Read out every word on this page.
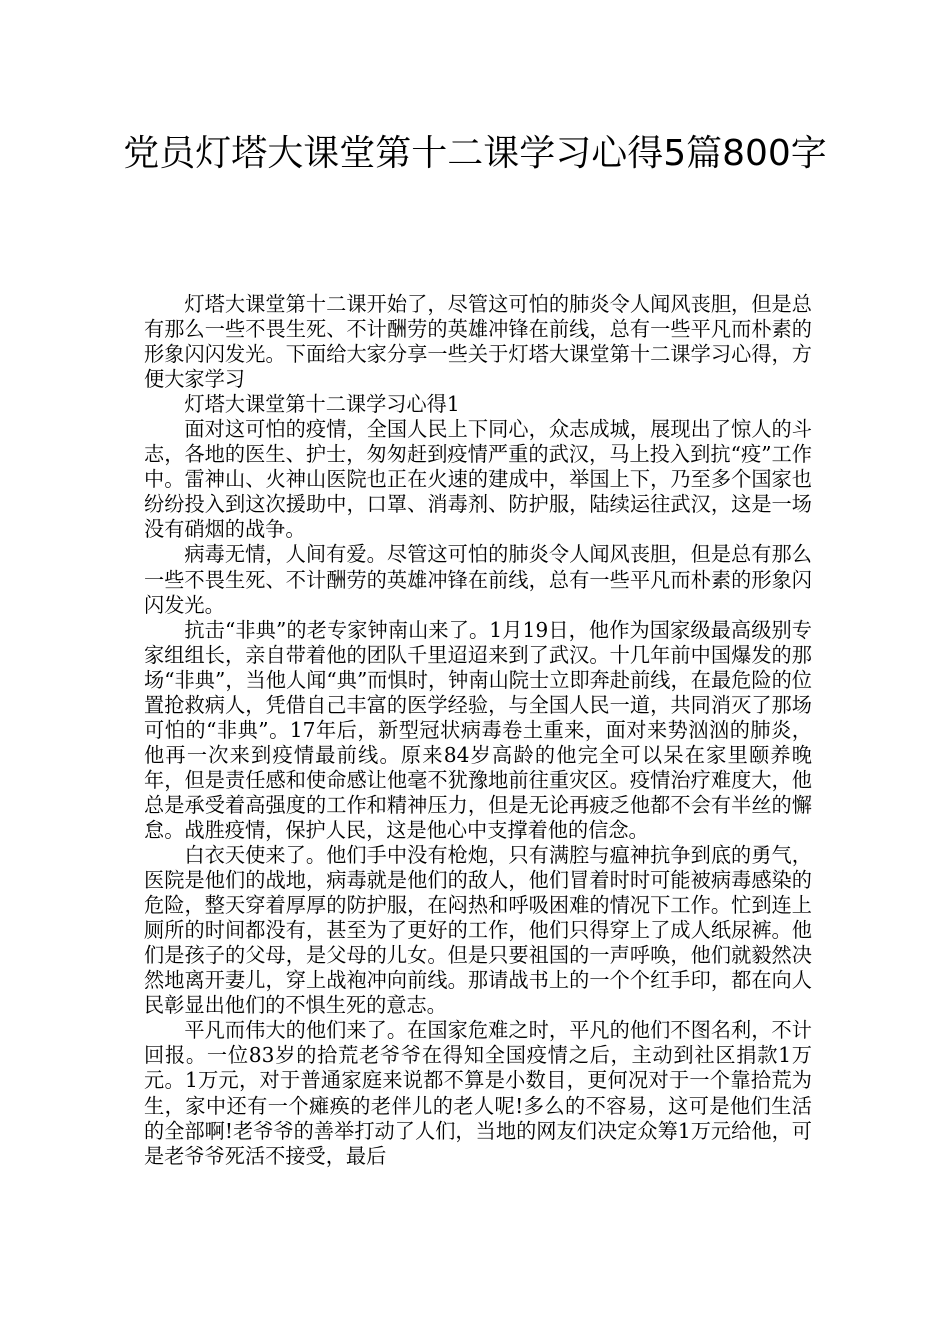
党员灯塔大课堂第十二课学习心得5篇800字

灯塔大课堂第十二课开始了，尽管这可怕的肺炎令人闻风丧胆，但是总有那么一些不畏生死、不计酬劳的英雄冲锋在前线，总有一些平凡而朴素的形象闪闪发光。下面给大家分享一些关于灯塔大课堂第十二课学习心得，方便大家学习

灯塔大课堂第十二课学习心得1

面对这可怕的疫情，全国人民上下同心，众志成城，展现出了惊人的斗志，各地的医生、护士，匆匆赶到疫情严重的武汉，马上投入到抗“疫”工作中。雷神山、火神山医院也正在火速的建成中，举国上下，乃至多个国家也纷纷投入到这次援助中，口罩、消毒剂、防护服，陆续运往武汉，这是一场没有硝烟的战争。

病毒无情，人间有爱。尽管这可怕的肺炎令人闻风丧胆，但是总有那么一些不畏生死、不计酬劳的英雄冲锋在前线，总有一些平凡而朴素的形象闪闪发光。

抗击“非典”的老专家钟南山来了。1月19日，他作为国家级最高级别专家组组长，亲自带着他的团队千里迢迢来到了武汉。十几年前中国爆发的那场“非典”，当他人闻“典”而惧时，钟南山院士立即奔赴前线，在最危险的位置抢救病人，凭借自己丰富的医学经验，与全国人民一道，共同消灭了那场可怕的“非典”。17年后，新型冠状病毒卷土重来，面对来势汹汹的肺炎，他再一次来到疫情最前线。原来84岁高龄的他完全可以呆在家里颐养晚年，但是责任感和使命感让他毫不犹豫地前往重灾区。疫情治疗难度大，他总是承受着高强度的工作和精神压力，但是无论再疲乏他都不会有半丝的懈怠。战胜疫情，保护人民，这是他心中支撑着他的信念。

白衣天使来了。他们手中没有枪炮，只有满腔与瘟神抗争到底的勇气，医院是他们的战地，病毒就是他们的敌人，他们冒着时时可能被病毒感染的危险，整天穿着厚厚的防护服，在闷热和呼吸困难的情况下工作。忙到连上厕所的时间都没有，甚至为了更好的工作，他们只得穿上了成人纸尿裤。他们是孩子的父母，是父母的儿女。但是只要祖国的一声呼唤，他们就毅然决然地离开妻儿，穿上战袍冲向前线。那请战书上的一个个红手印，都在向人民彰显出他们的不惧生死的意志。

平凡而伟大的他们来了。在国家危难之时，平凡的他们不图名利，不计回报。一位83岁的拾荒老爷爷在得知全国疫情之后，主动到社区捐款1万元。1万元，对于普通家庭来说都不算是小数目，更何况对于一个靠拾荒为生，家中还有一个瘫痪的老伴儿的老人呢!多么的不容易，这可是他们生活的全部啊!老爷爷的善举打动了人们，当地的网友们决定众筹1万元给他，可是老爷爷死活不接受，最后
